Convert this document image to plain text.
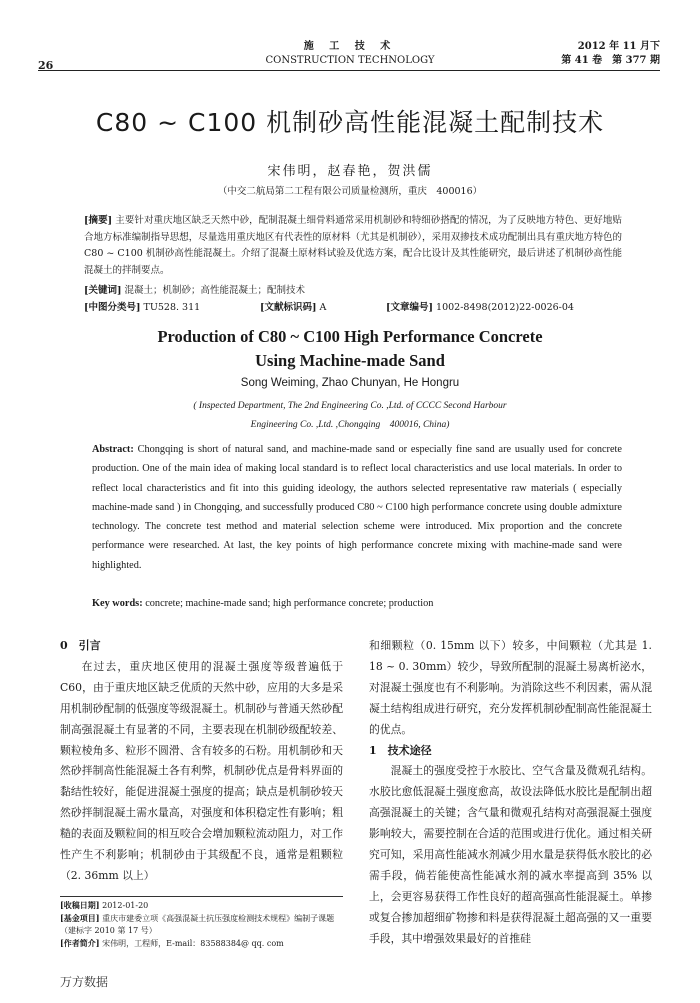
26
施 工 技 术
CONSTRUCTION TECHNOLOGY
2012 年 11 月下
第 41 卷　第 377 期
C80 ~ C100 机制砂高性能混凝土配制技术
宋伟明，赵春艳，贺洪儒
（中交二航局第二工程有限公司质量检测所，重庆　400016）
[摘要] 主要针对重庆地区缺乏天然中砂，配制混凝土细骨料通常采用机制砂和特细砂搭配的情况，为了反映地方特色、更好地贴合地方标准编制指导思想，尽量选用重庆地区有代表性的原材料（尤其是机制砂），采用双掺技术成功配制出具有重庆地方特色的 C80 ~ C100 机制砂高性能混凝土。介绍了混凝土原材料试验及优选方案，配合比设计及其性能研究，最后讲述了机制砂高性能混凝土的拌制要点。
[关键词] 混凝土；机制砂；高性能混凝土；配制技术
[中图分类号] TU528. 311	[文献标识码] A	[文章编号] 1002-8498(2012)22-0026-04
Production of C80 ~ C100 High Performance Concrete
Using Machine-made Sand
Song Weiming, Zhao Chunyan, He Hongru
( Inspected Department, The 2nd Engineering Co. ,Ltd. of CCCC Second Harbour
Engineering Co. ,Ltd. ,Chongqing　400016, China)
Abstract: Chongqing is short of natural sand, and machine-made sand or especially fine sand are usually used for concrete production. One of the main idea of making local standard is to reflect local characteristics and use local materials. In order to reflect local characteristics and fit into this guiding ideology, the authors selected representative raw materials ( especially machine-made sand ) in Chongqing, and successfully produced C80 ~ C100 high performance concrete using double admixture technology. The concrete test method and material selection scheme were introduced. Mix proportion and the concrete performance were researched. At last, the key points of high performance concrete mixing with machine-made sand were highlighted.
Key words: concrete; machine-made sand; high performance concrete; production
0　引言
在过去，重庆地区使用的混凝土强度等级普遍低于 C60，由于重庆地区缺乏优质的天然中砂，应用的大多是采用机制砂配制的低强度等级混凝土。机制砂与普通天然砂配制高强混凝土有显著的不同，主要表现在机制砂级配较差、颗粒棱角多、粒形不圆滑、含有较多的石粉。用机制砂和天然砂拌制高性能混凝土各有利弊，机制砂优点是骨料界面的黏结性较好，能促进混凝土强度的提高；缺点是机制砂较天然砂拌制混凝土需水量高，对强度和体积稳定性有影响；粗糙的表面及颗粒间的相互咬合会增加颗粒流动阻力，对工作性产生不利影响；机制砂由于其级配不良，通常是粗颗粒（2. 36mm 以上）
和细颗粒（0. 15mm 以下）较多，中间颗粒（尤其是 1. 18 ~ 0. 30mm）较少，导致所配制的混凝土易离析泌水，对混凝土强度也有不利影响。为消除这些不利因素，需从混凝土结构组成进行研究，充分发挥机制砂配制高性能混凝土的优点。
1　技术途径
混凝土的强度受控于水胶比、空气含量及微观孔结构。水胶比愈低混凝土强度愈高，故设法降低水胶比是配制出超高强混凝土的关键；含气量和微观孔结构对高强混凝土强度影响较大，需要控制在合适的范围或进行优化。通过相关研究可知，采用高性能减水剂减少用水量是获得低水胶比的必需手段，倘若能使高性能减水剂的减水率提高到 35% 以上，会更容易获得工作性良好的超高强高性能混凝土。单掺或复合掺加超细矿物掺和料是获得混凝土超高强的又一重要手段，其中增强效果最好的首推硅
[收稿日期] 2012-01-20
[基金项目] 重庆市建委立项《高强混凝土抗压强度检测技术规程》编制子课题（建标字 2010 第 17 号）
[作者简介] 宋伟明，工程师，E-mail：83588384@ qq. com
万方数据
